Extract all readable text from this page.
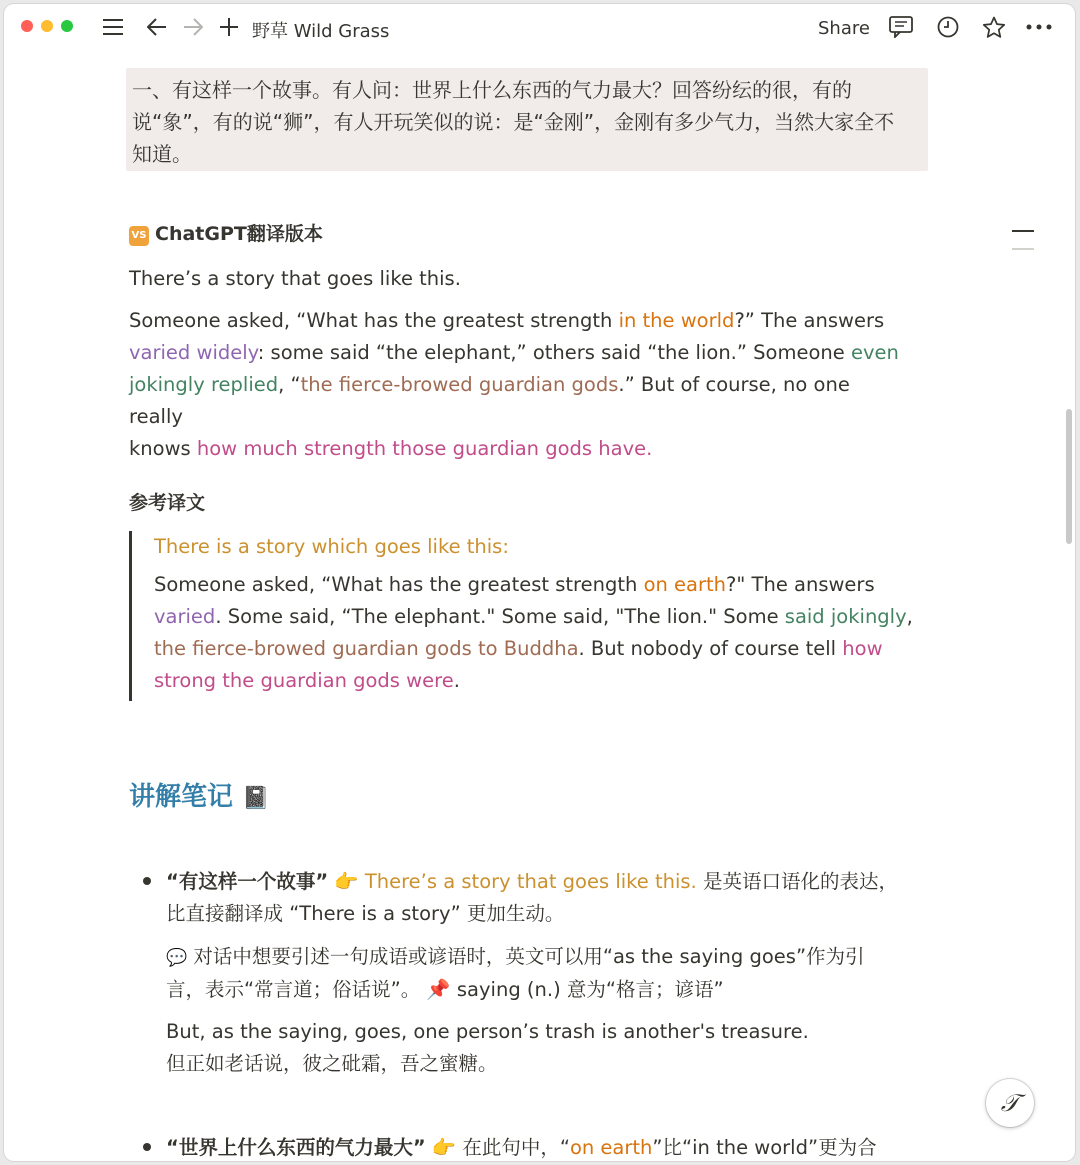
野草 Wild Grass	Share

一、有这样一个故事。有人问：世界上什么东西的气力最大？回答纷纭的很，有的说“象”，有的说“狮”，有人开玩笑似的说：是“金刚”，金刚有多少气力，当然大家全不知道。

VS ChatGPT翻译版本
There’s a story that goes like this.
Someone asked, “What has the greatest strength in the world?” The answers
varied widely: some said “the elephant,” others said “the lion.” Someone even
jokingly replied, “the fierce-browed guardian gods.” But of course, no one really
knows how much strength those guardian gods have.
参考译文
There is a story which goes like this:
Someone asked, “What has the greatest strength on earth?" The answers
varied. Some said, “The elephant." Some said, "The lion." Some said jokingly,
the fierce-browed guardian gods to Buddha. But nobody of course tell how
strong the guardian gods were.
讲解笔记 📓
“有这样一个故事” 👉 There’s a story that goes like this. 是英语口语化的表达，
比直接翻译成 “There is a story” 更加生动。
💬 对话中想要引述一句成语或谚语时，英文可以用“as the saying goes”作为引
言，表示“常言道；俗话说”。 📌 saying (n.) 意为“格言；谚语”
But, as the saying, goes, one person’s trash is another's treasure.
但正如老话说，彼之砒霜，吾之蜜糖。
“世界上什么东西的气力最大” 👉 在此句中，“on earth”比“in the world”更为合
𝒯
